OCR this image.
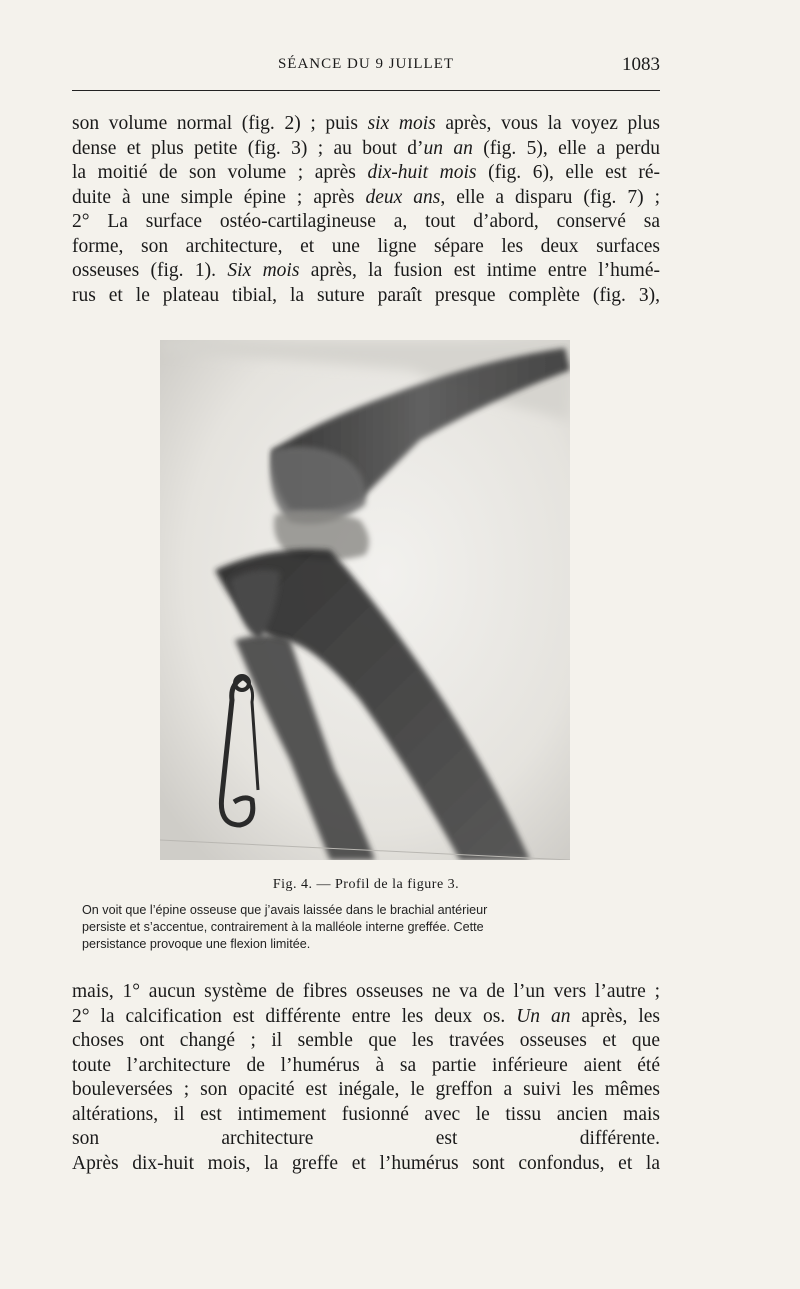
SÉANCE DU 9 JUILLET	1083
son volume normal (fig. 2) ; puis six mois après, vous la voyez plus
dense et plus petite (fig. 3) ; au bout d’un an (fig. 5), elle a perdu
la moitié de son volume ; après dix-huit mois (fig. 6), elle est ré-
duite à une simple épine ; après deux ans, elle a disparu (fig. 7) ;
2° La surface ostéo-cartilagineuse a, tout d’abord, conservé sa
forme, son architecture, et une ligne sépare les deux surfaces
osseuses (fig. 1). Six mois après, la fusion est intime entre l’humé-
rus et le plateau tibial, la suture paraît presque complète (fig. 3),
Fig. 4. — Profil de la figure 3.
On voit que l’épine osseuse que j’avais laissée dans le brachial antérieur
persiste et s’accentue, contrairement à la malléole interne greffée. Cette
persistance provoque une flexion limitée.
mais, 1° aucun système de fibres osseuses ne va de l’un vers l’autre ;
2° la calcification est différente entre les deux os. Un an après, les
choses ont changé ; il semble que les travées osseuses et que
toute l’architecture de l’humérus à sa partie inférieure aient été
bouleversées ; son opacité est inégale, le greffon a suivi les mêmes
altérations, il est intimement fusionné avec le tissu ancien mais
son architecture est différente.
Après dix-huit mois, la greffe et l’humérus sont confondus, et la
